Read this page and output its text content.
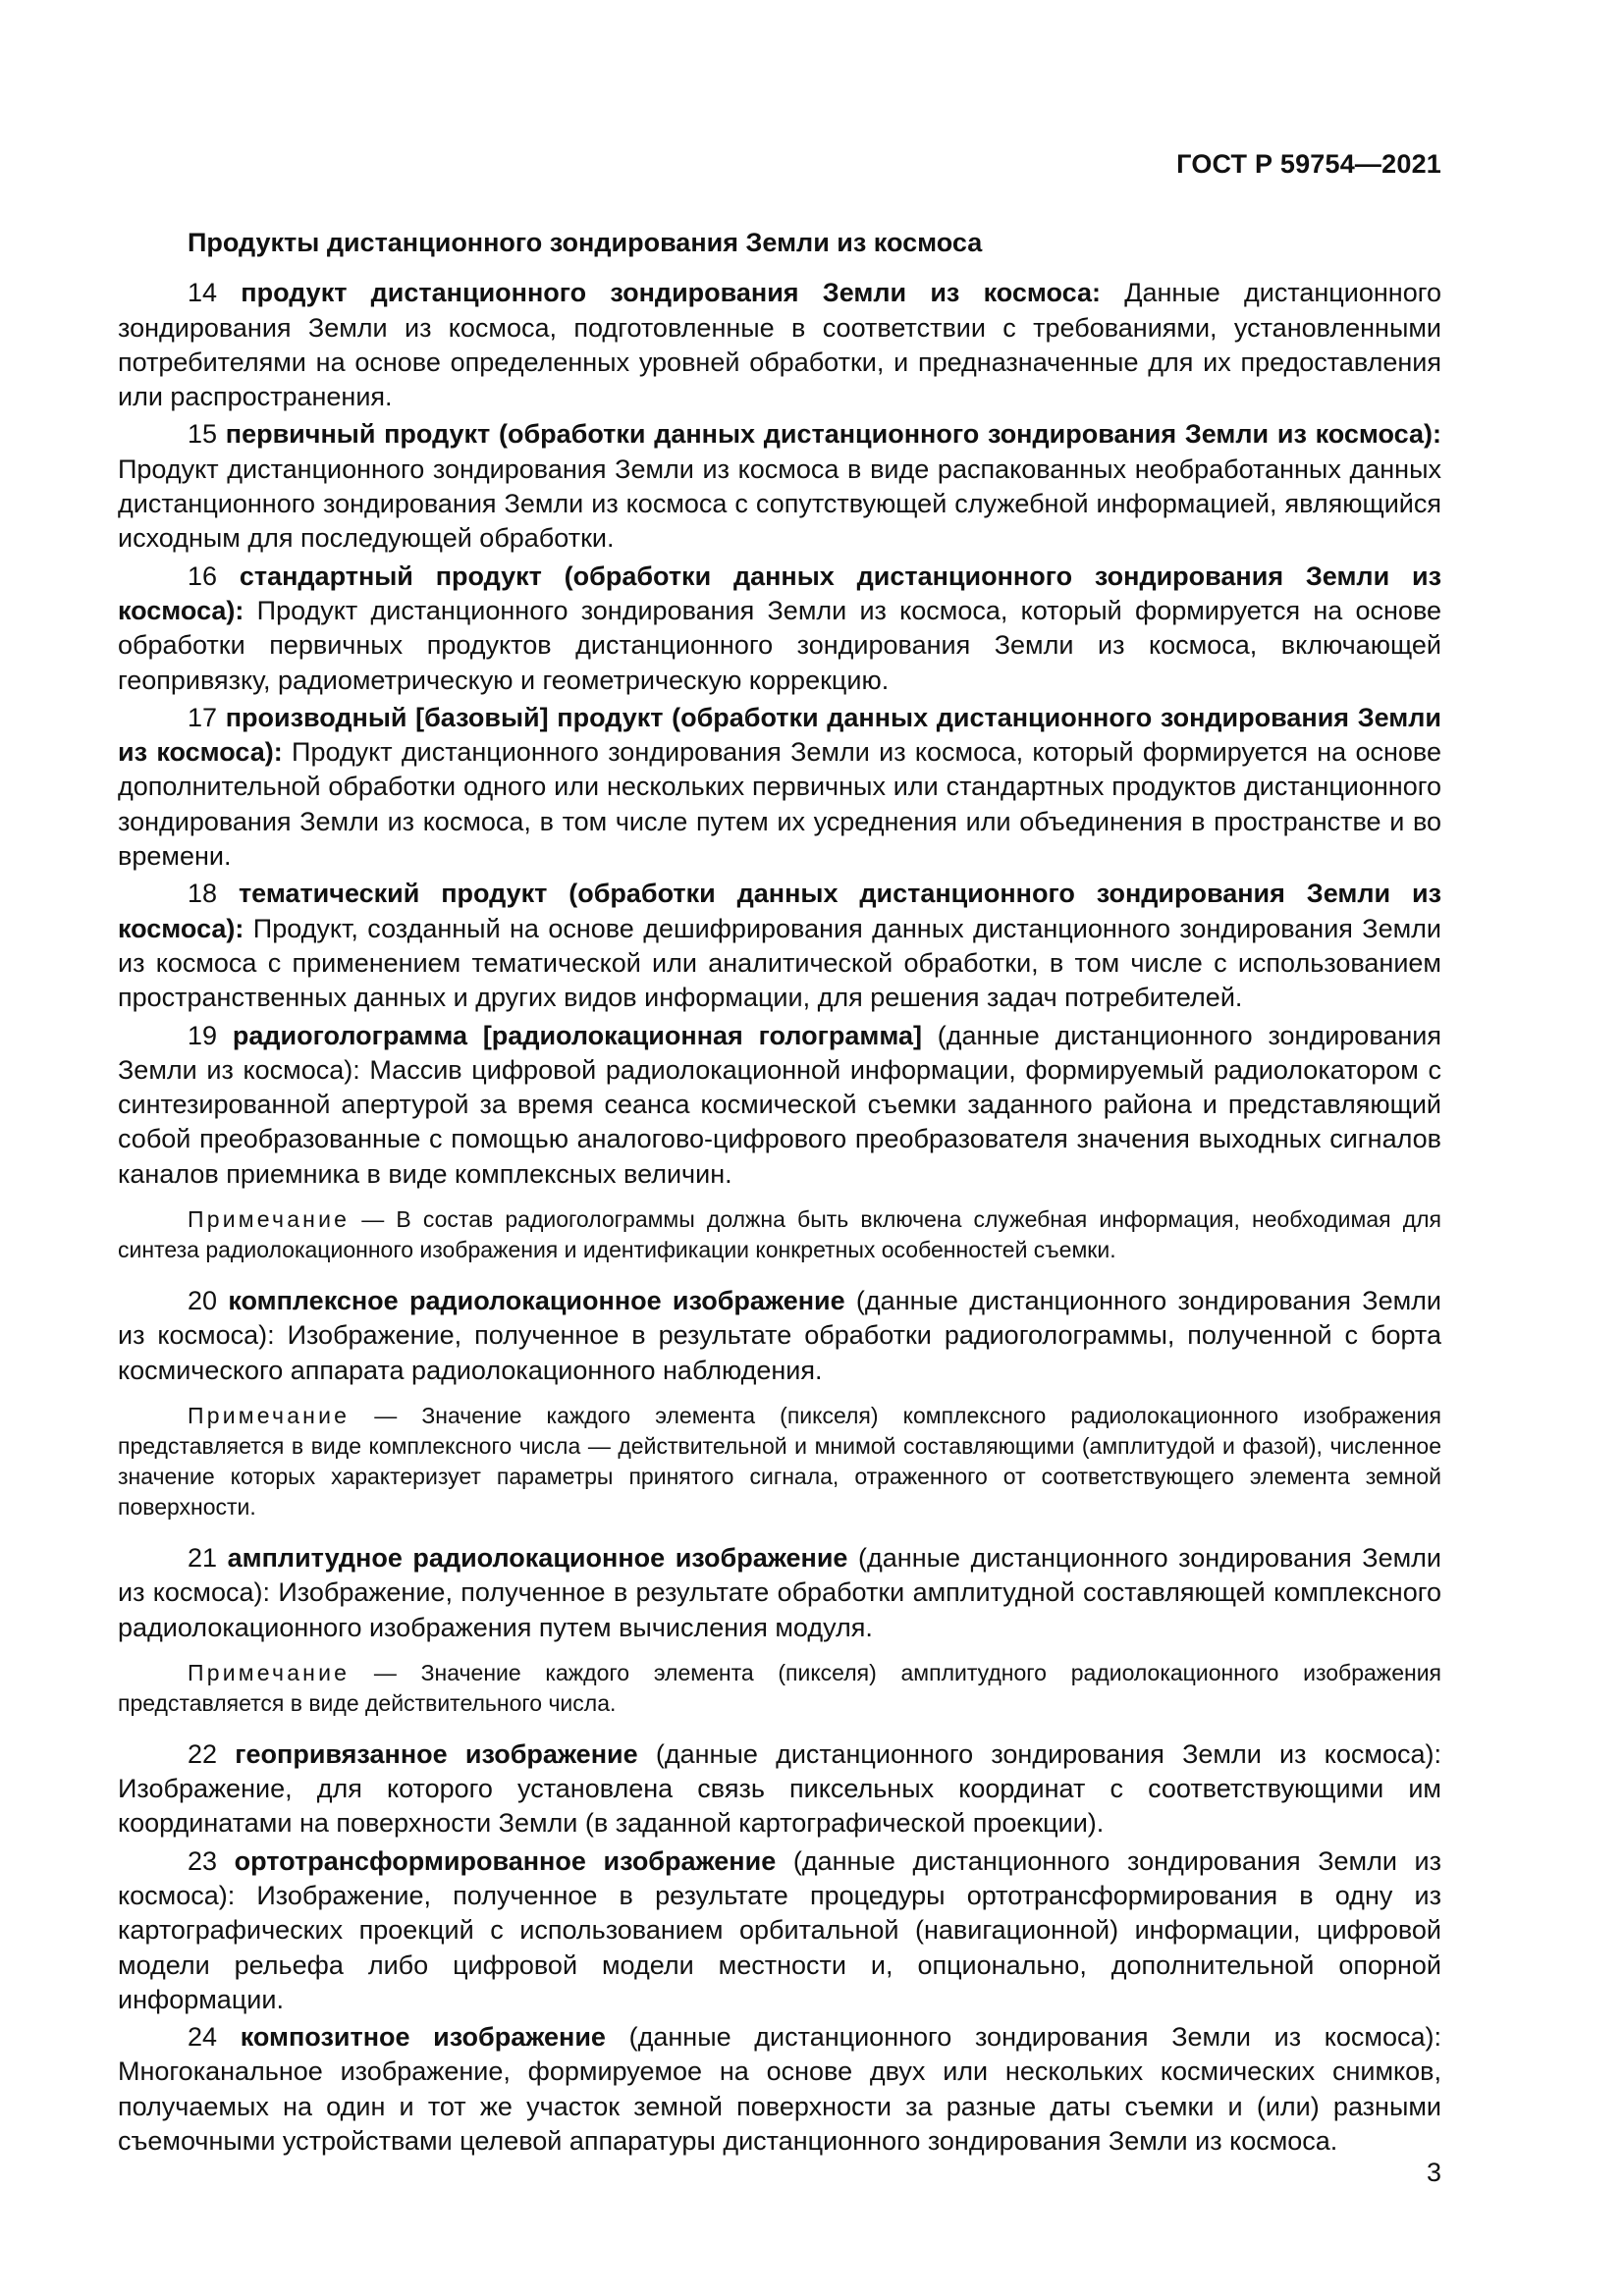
ГОСТ Р 59754—2021

Продукты дистанционного зондирования Земли из космоса

14 продукт дистанционного зондирования Земли из космоса: Данные дистанционного зондирования Земли из космоса, подготовленные в соответствии с требованиями, установленными потребителями на основе определенных уровней обработки, и предназначенные для их предоставления или распространения.

15 первичный продукт (обработки данных дистанционного зондирования Земли из космоса): Продукт дистанционного зондирования Земли из космоса в виде распакованных необработанных данных дистанционного зондирования Земли из космоса с сопутствующей служебной информацией, являющийся исходным для последующей обработки.

16 стандартный продукт (обработки данных дистанционного зондирования Земли из космоса): Продукт дистанционного зондирования Земли из космоса, который формируется на основе обработки первичных продуктов дистанционного зондирования Земли из космоса, включающей геопривязку, радиометрическую и геометрическую коррекцию.

17 производный [базовый] продукт (обработки данных дистанционного зондирования Земли из космоса): Продукт дистанционного зондирования Земли из космоса, который формируется на основе дополнительной обработки одного или нескольких первичных или стандартных продуктов дистанционного зондирования Земли из космоса, в том числе путем их усреднения или объединения в пространстве и во времени.

18 тематический продукт (обработки данных дистанционного зондирования Земли из космоса): Продукт, созданный на основе дешифрирования данных дистанционного зондирования Земли из космоса с применением тематической или аналитической обработки, в том числе с использованием пространственных данных и других видов информации, для решения задач потребителей.

19 радиоголограмма [радиолокационная голограмма] (данные дистанционного зондирования Земли из космоса): Массив цифровой радиолокационной информации, формируемый радиолокатором с синтезированной апертурой за время сеанса космической съемки заданного района и представляющий собой преобразованные с помощью аналогово-цифрового преобразователя значения выходных сигналов каналов приемника в виде комплексных величин.

Примечание — В состав радиоголограммы должна быть включена служебная информация, необходимая для синтеза радиолокационного изображения и идентификации конкретных особенностей съемки.

20 комплексное радиолокационное изображение (данные дистанционного зондирования Земли из космоса): Изображение, полученное в результате обработки радиоголограммы, полученной с борта космического аппарата радиолокационного наблюдения.

Примечание — Значение каждого элемента (пикселя) комплексного радиолокационного изображения представляется в виде комплексного числа — действительной и мнимой составляющими (амплитудой и фазой), численное значение которых характеризует параметры принятого сигнала, отраженного от соответствующего элемента земной поверхности.

21 амплитудное радиолокационное изображение (данные дистанционного зондирования Земли из космоса): Изображение, полученное в результате обработки амплитудной составляющей комплексного радиолокационного изображения путем вычисления модуля.

Примечание — Значение каждого элемента (пикселя) амплитудного радиолокационного изображения представляется в виде действительного числа.

22 геопривязанное изображение (данные дистанционного зондирования Земли из космоса): Изображение, для которого установлена связь пиксельных координат с соответствующими им координатами на поверхности Земли (в заданной картографической проекции).

23 ортотрансформированное изображение (данные дистанционного зондирования Земли из космоса): Изображение, полученное в результате процедуры ортотрансформирования в одну из картографических проекций с использованием орбитальной (навигационной) информации, цифровой модели рельефа либо цифровой модели местности и, опционально, дополнительной опорной информации.

24 композитное изображение (данные дистанционного зондирования Земли из космоса): Многоканальное изображение, формируемое на основе двух или нескольких космических снимков, получаемых на один и тот же участок земной поверхности за разные даты съемки и (или) разными съемочными устройствами целевой аппаратуры дистанционного зондирования Земли из космоса.

3
